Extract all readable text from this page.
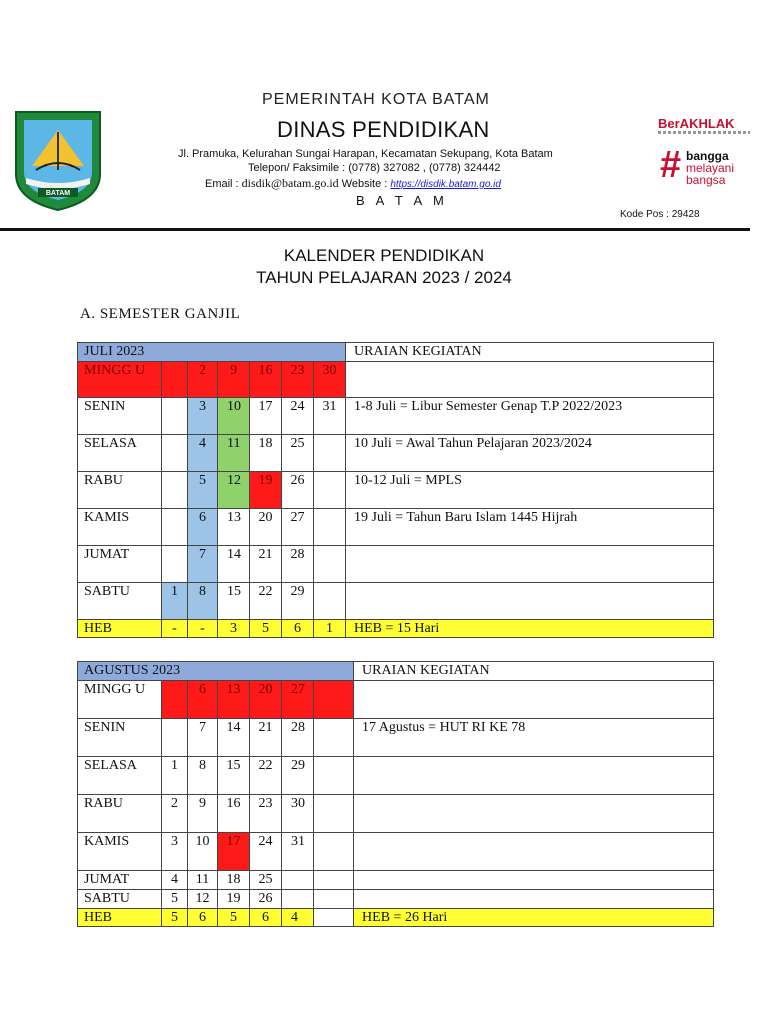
PEMERINTAH KOTA BATAM
BATAM
DINAS PENDIDIKAN
Jl. Pramuka, Kelurahan Sungai Harapan, Kecamatan Sekupang, Kota Batam
Telepon/ Faksimile : (0778) 327082 , (0778) 324442
Email : disdik@batam.go.id Website : https://disdik.batam.go.id
B A T A M
Kode Pos : 29428
BerAKHLAK
# bangga
melayani
bangsa
KALENDER PENDIDIKAN
TAHUN PELAJARAN 2023 / 2024
A. SEMESTER GANJIL
JULI 2023							URAIAN KEGIATAN
MINGG U		2	9	16	23	30	
SENIN		3	10	17	24	31	1-8 Juli = Libur Semester Genap T.P 2022/2023
SELASA		4	11	18	25		10 Juli = Awal Tahun Pelajaran 2023/2024
RABU		5	12	19	26		10-12 Juli = MPLS
KAMIS		6	13	20	27		19 Juli = Tahun Baru Islam 1445 Hijrah
JUMAT		7	14	21	28		
SABTU	1	8	15	22	29		
HEB	-	-	3	5	6	1	HEB = 15 Hari
AGUSTUS 2023							URAIAN KEGIATAN
MINGG U		6	13	20	27		
SENIN		7	14	21	28		17 Agustus = HUT RI KE 78
SELASA	1	8	15	22	29		
RABU	2	9	16	23	30		
KAMIS	3	10	17	24	31		
JUMAT	4	11	18	25			
SABTU	5	12	19	26			
HEB	5	6	5	6	4		HEB = 26 Hari
